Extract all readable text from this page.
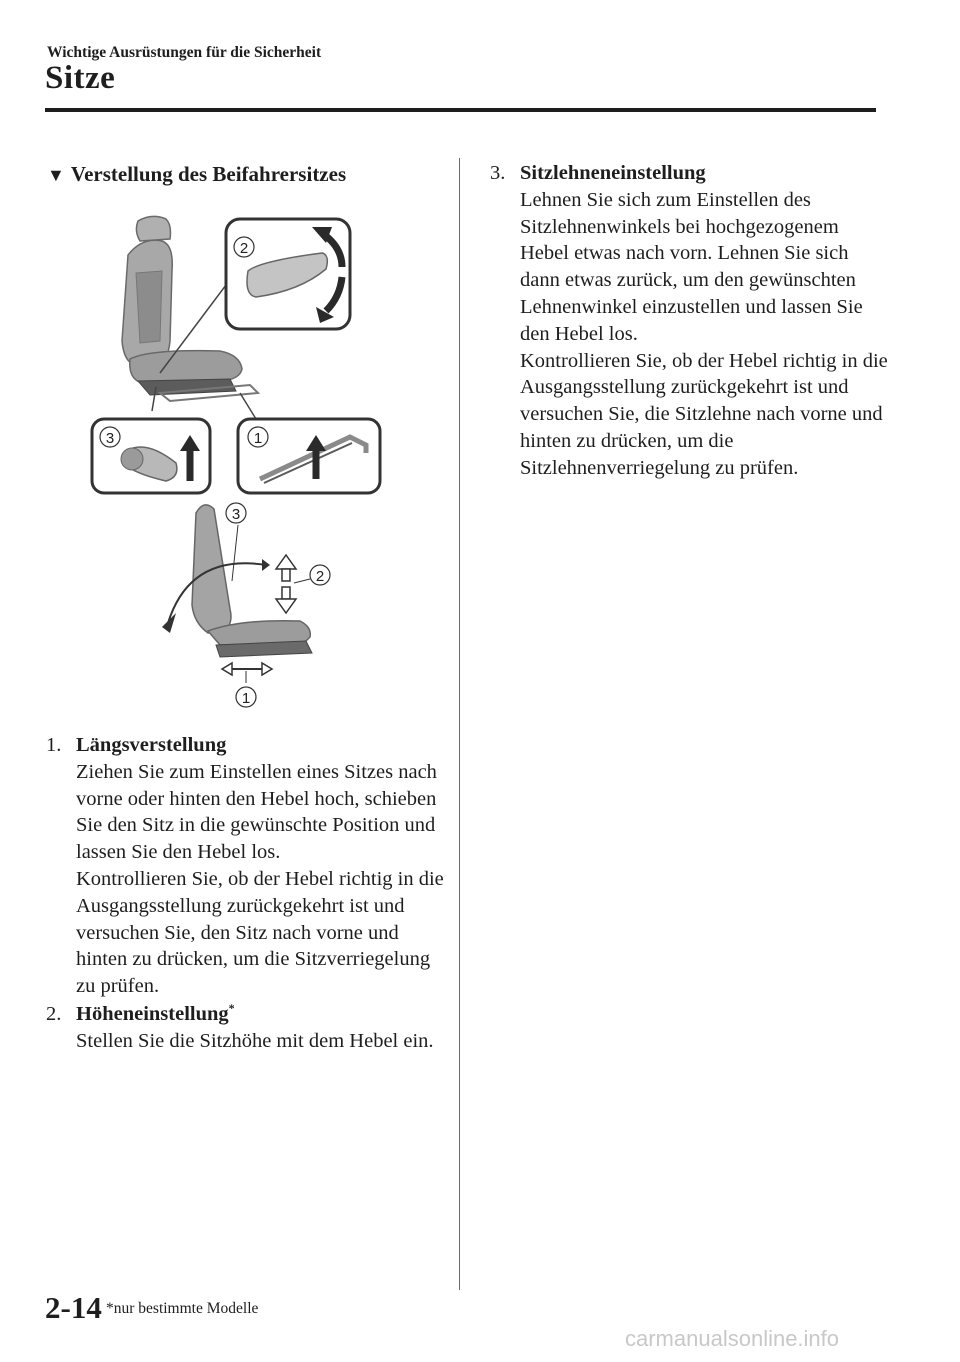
Wichtige Ausrüstungen für die Sicherheit
Sitze
▼ Verstellung des Beifahrersitzes
2
3	1
3
2
1
1. Längsverstellung

Ziehen Sie zum Einstellen eines Sitzes nach vorne oder hinten den Hebel hoch, schieben Sie den Sitz in die gewünschte Position und lassen Sie den Hebel los.

Kontrollieren Sie, ob der Hebel richtig in die Ausgangsstellung zurückgekehrt ist und versuchen Sie, den Sitz nach vorne und hinten zu drücken, um die Sitzverriegelung zu prüfen.

2. Höheneinstellung*

Stellen Sie die Sitzhöhe mit dem Hebel ein.

3. Sitzlehneneinstellung

Lehnen Sie sich zum Einstellen des Sitzlehnenwinkels bei hochgezogenem Hebel etwas nach vorn. Lehnen Sie sich dann etwas zurück, um den gewünschten Lehnenwinkel einzustellen und lassen Sie den Hebel los.

Kontrollieren Sie, ob der Hebel richtig in die Ausgangsstellung zurückgekehrt ist und versuchen Sie, die Sitzlehne nach vorne und hinten zu drücken, um die Sitzlehnenverriegelung zu prüfen.

2-14 *nur bestimmte Modelle
carmanualsonline.info
